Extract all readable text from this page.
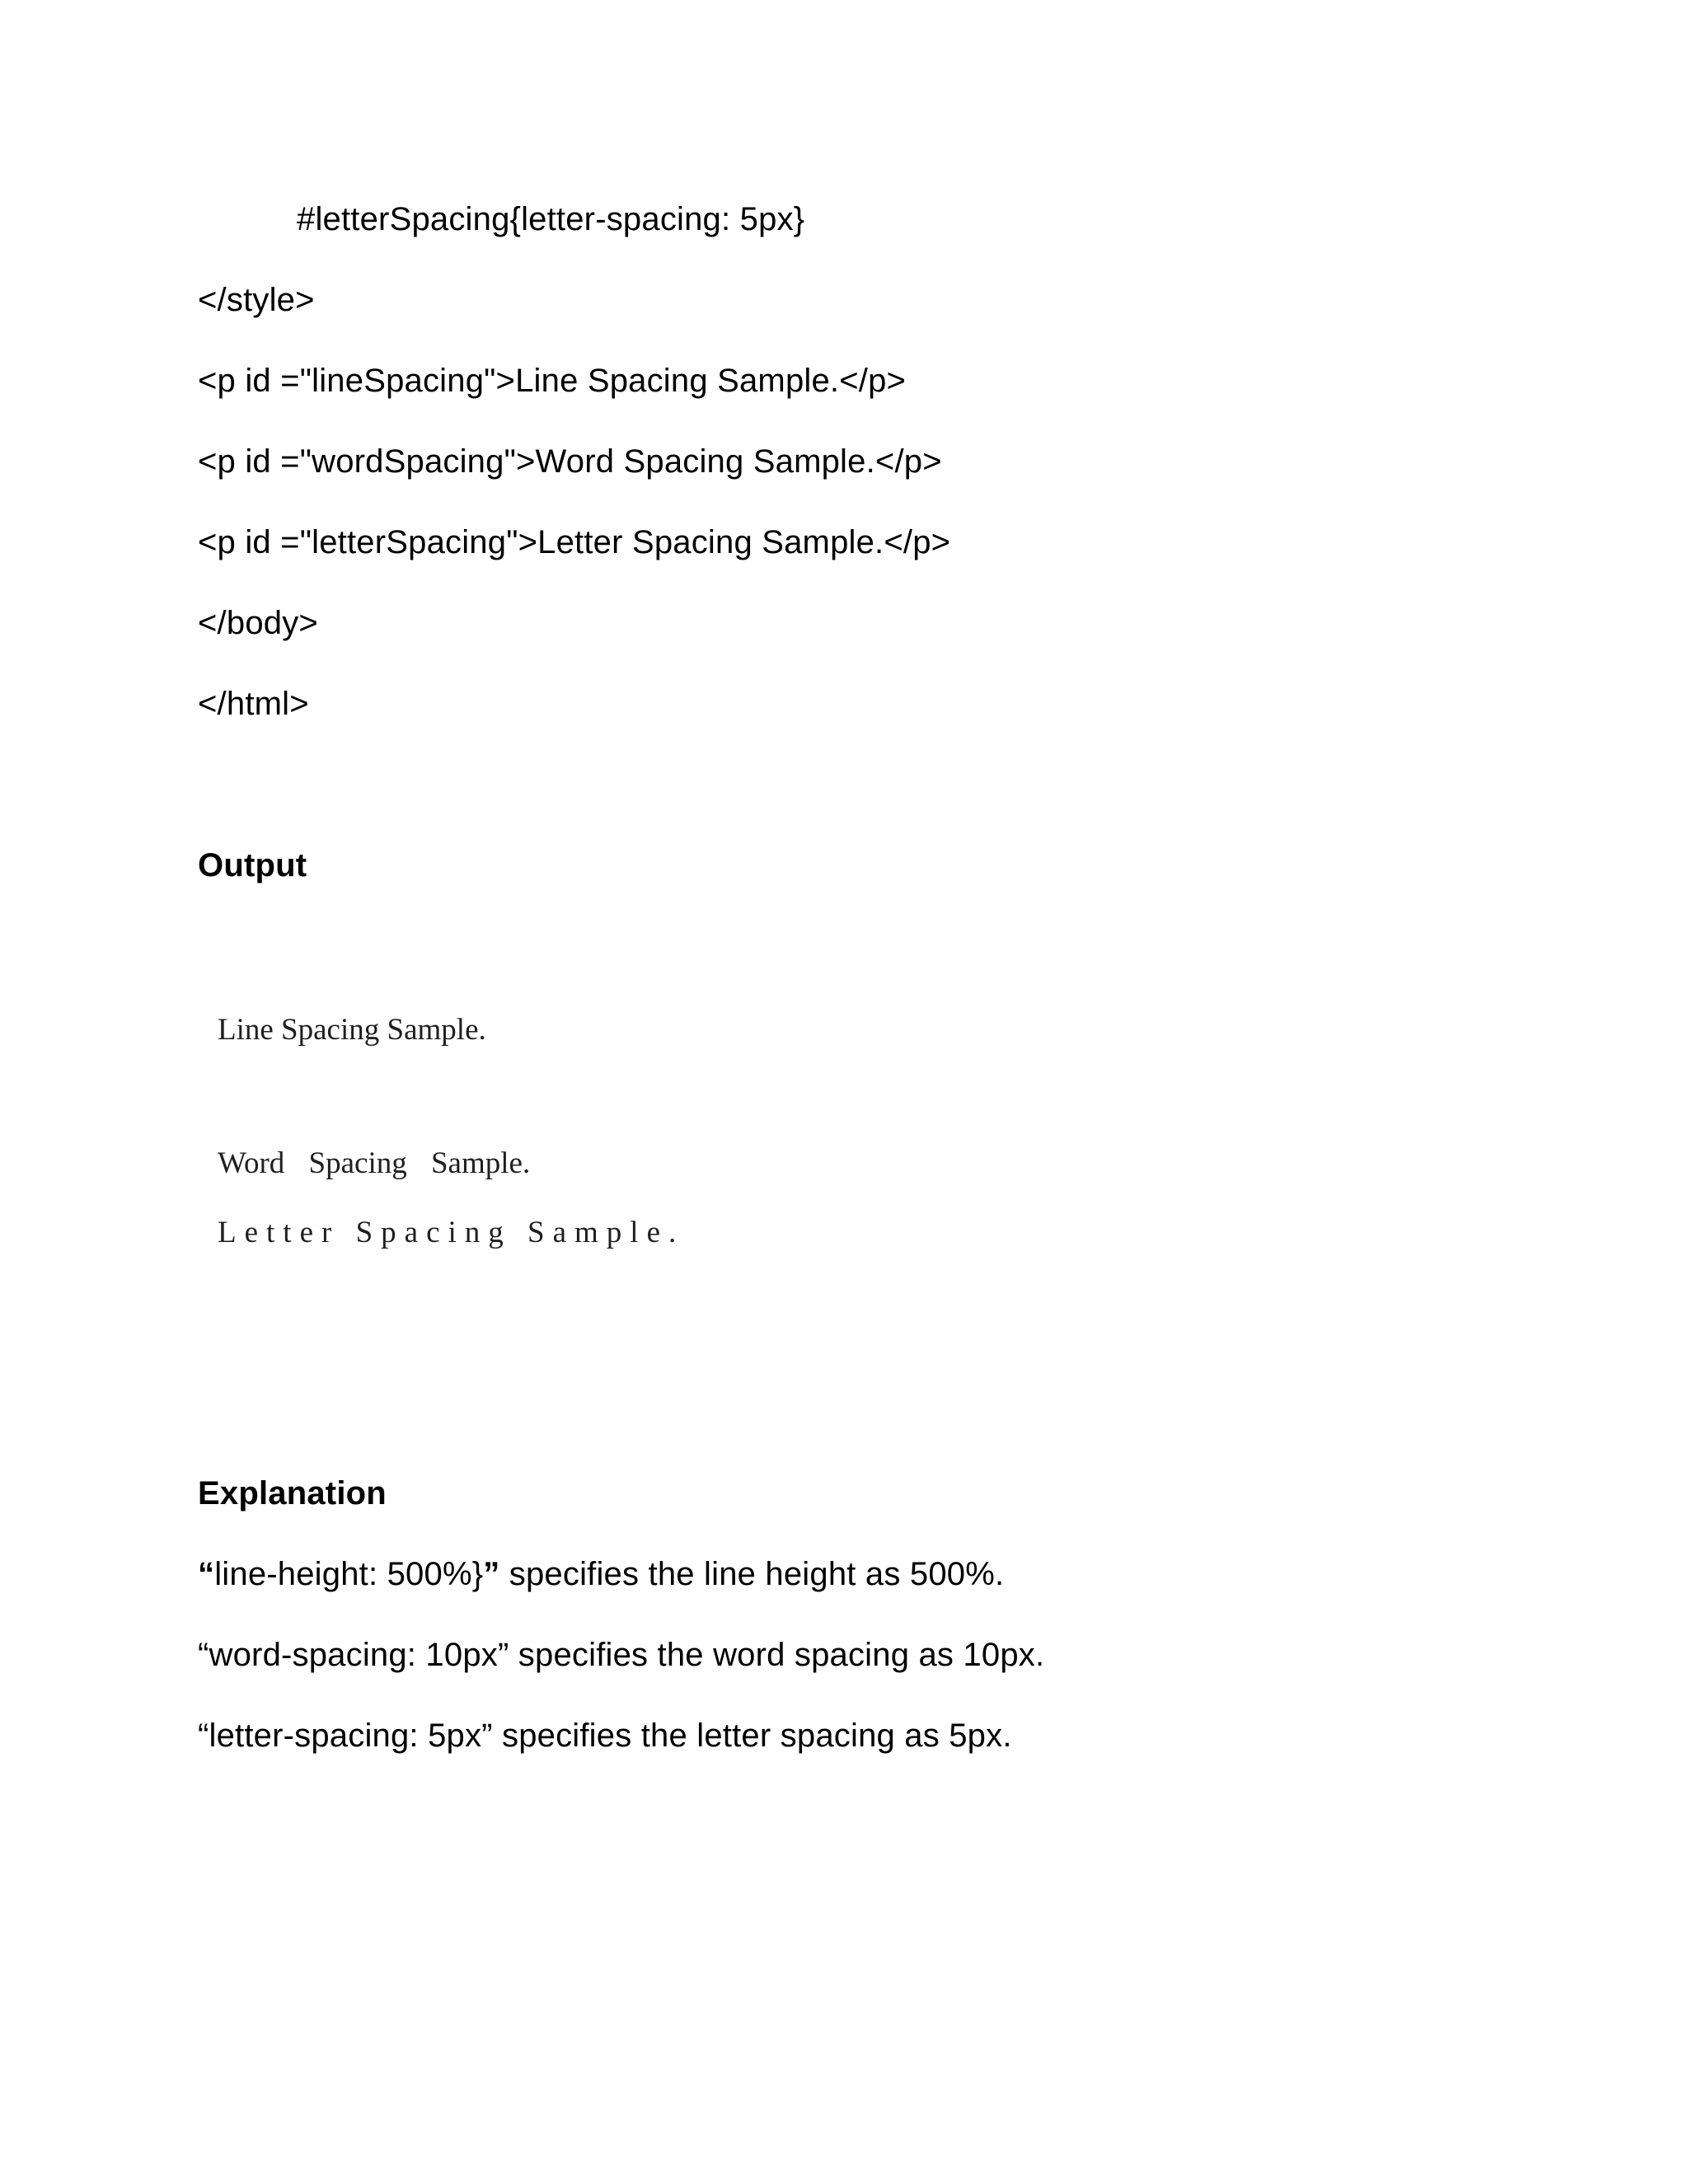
#letterSpacing{letter-spacing: 5px}
</style>
<p id ="lineSpacing">Line Spacing Sample.</p>
<p id ="wordSpacing">Word Spacing Sample.</p>
<p id ="letterSpacing">Letter Spacing Sample.</p>
</body>
</html>
Output
Line Spacing Sample.
Word Spacing Sample.
Letter Spacing Sample.
Explanation
“line-height: 500%}” specifies the line height as 500%.
“word-spacing: 10px” specifies the word spacing as 10px.
“letter-spacing: 5px” specifies the letter spacing as 5px.
